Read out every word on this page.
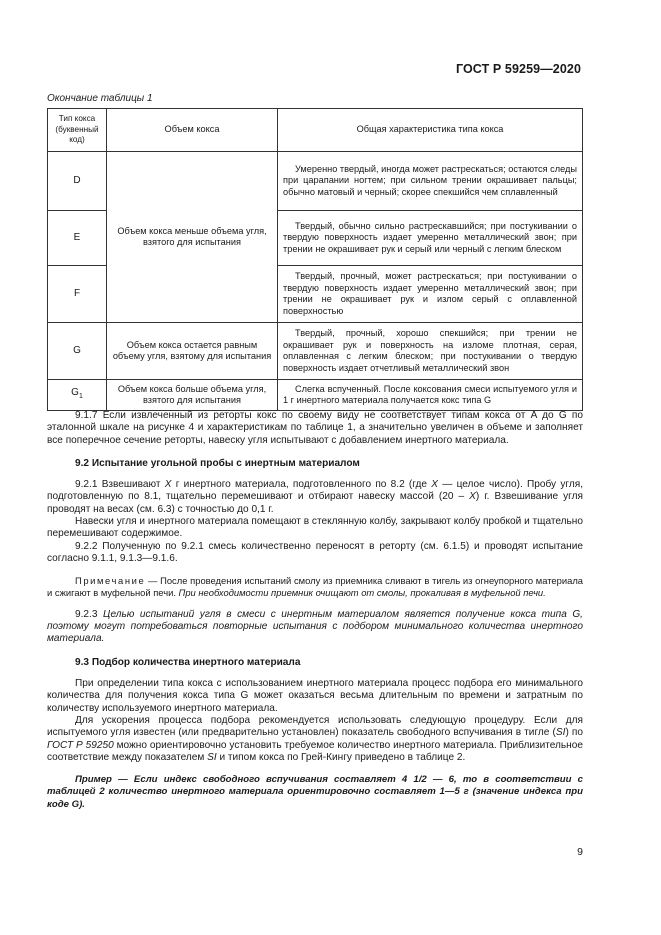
ГОСТ Р 59259—2020
Окончание таблицы 1
Тип кокса (буквенный код)	Объем кокса	Общая характеристика типа кокса
D	Объем кокса меньше объема угля, взятого для испытания	Умеренно твердый, иногда может растрескаться; остаются следы при царапании ногтем; при сильном трении окрашивает пальцы; обычно матовый и черный; скорее спекшийся чем сплавленный
E		Твердый, обычно сильно растрескавшийся; при постукивании о твердую поверхность издает умеренно металлический звон; при трении не окрашивает рук и серый или черный с легким блеском
F		Твердый, прочный, может растрескаться; при постукивании о твердую поверхность издает умеренно металлический звон; при трении не окрашивает рук и излом серый с оплавленной поверхностью
G	Объем кокса остается равным объему угля, взятому для испытания	Твердый, прочный, хорошо спекшийся; при трении не окрашивает рук и поверхность на изломе плотная, серая, оплавленная с легким блеском; при постукивании о твердую поверхность издает отчетливый металлический звон
$G_1$	Объем кокса больше объема угля, взятого для испытания	Слегка вспученный. После коксования смеси испытуемого угля и 1 г инертного материала получается кокс типа G

9.1.7 Если извлеченный из реторты кокс по своему виду не соответствует типам кокса от A до G по эталонной шкале на рисунке 4 и характеристикам по таблице 1, а значительно увеличен в объеме и заполняет все поперечное сечение реторты, навеску угля испытывают с добавлением инертного материала.

9.2 Испытание угольной пробы с инертным материалом

9.2.1 Взвешивают X г инертного материала, подготовленного по 8.2 (где X — целое число). Пробу угля, подготовленную по 8.1, тщательно перемешивают и отбирают навеску массой (20 – X) г. Взвешивание угля проводят на весах (см. 6.3) с точностью до 0,1 г.

Навески угля и инертного материала помещают в стеклянную колбу, закрывают колбу пробкой и тщательно перемешивают содержимое.

9.2.2 Полученную по 9.2.1 смесь количественно переносят в реторту (см. 6.1.5) и проводят испытание согласно 9.1.1, 9.1.3—9.1.6.

Примечание — После проведения испытаний смолу из приемника сливают в тигель из огнеупорного материала и сжигают в муфельной печи. При необходимости приемник очищают от смолы, прокаливая в муфельной печи.

9.2.3 Целью испытаний угля в смеси с инертным материалом является получение кокса типа G, поэтому могут потребоваться повторные испытания с подбором минимального количества инертного материала.

9.3 Подбор количества инертного материала

При определении типа кокса с использованием инертного материала процесс подбора его минимального количества для получения кокса типа G может оказаться весьма длительным по времени и затратным по количеству используемого инертного материала.

Для ускорения процесса подбора рекомендуется использовать следующую процедуру. Если для испытуемого угля известен (или предварительно установлен) показатель свободного вспучивания в тигле (SI) по ГОСТ Р 59250 можно ориентировочно установить требуемое количество инертного материала. Приблизительное соответствие между показателем SI и типом кокса по Грей-Кингу приведено в таблице 2.

Пример — Если индекс свободного вспучивания составляет 4 1/2 — 6, то в соответствии с таблицей 2 количество инертного материала ориентировочно составляет 1—5 г (значение индекса при коде G).

9
